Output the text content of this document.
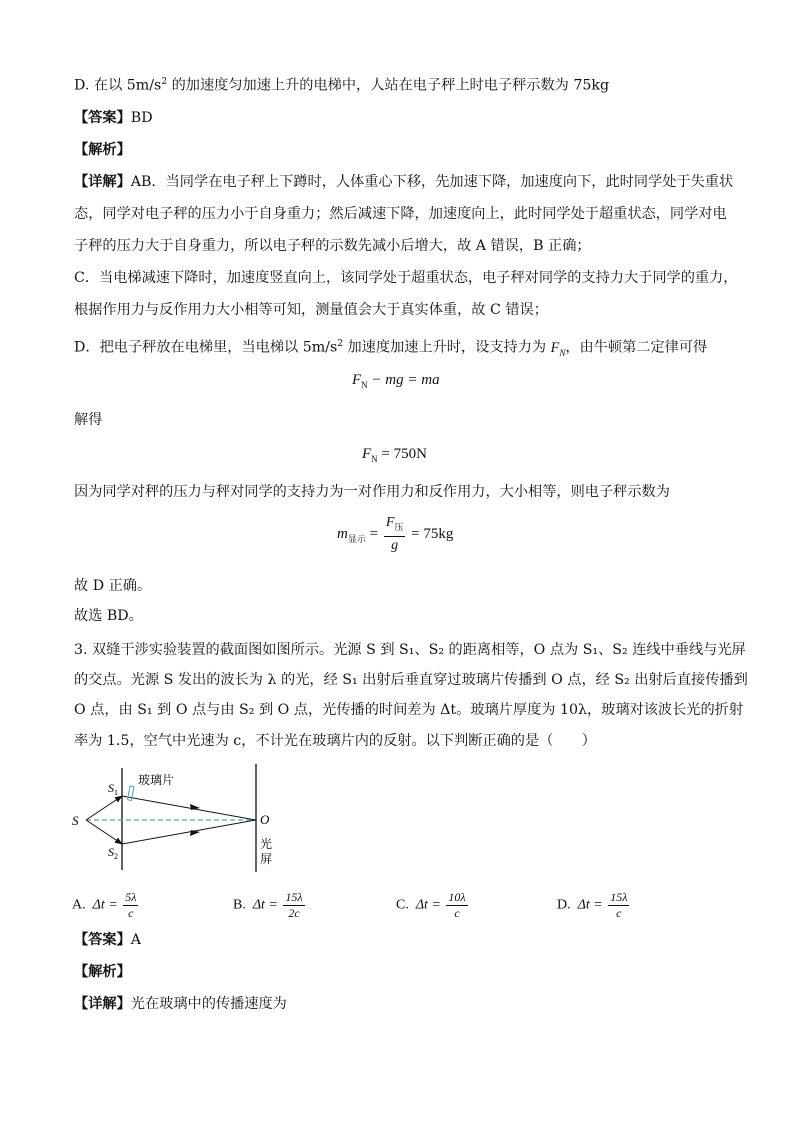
D. 在以 $5m/s^2$ 的加速度匀加速上升的电梯中，人站在电子秤上时电子秤示数为 75kg
【答案】BD
【解析】
【详解】AB．当同学在电子秤上下蹲时，人体重心下移，先加速下降，加速度向下，此时同学处于失重状
态，同学对电子秤的压力小于自身重力；然后减速下降，加速度向上，此时同学处于超重状态，同学对电
子秤的压力大于自身重力，所以电子秤的示数先减小后增大，故 A 错误，B 正确；
C．当电梯减速下降时，加速度竖直向上，该同学处于超重状态，电子秤对同学的支持力大于同学的重力，
根据作用力与反作用力大小相等可知，测量值会大于真实体重，故 C 错误；
D．把电子秤放在电梯里，当电梯以 $5m/s^2$ 加速度加速上升时，设支持力为 $F_N$，由牛顿第二定律可得
$F_N$ − mg = ma
解得
$F_N = 750N$
因为同学对秤的压力与秤对同学的支持力为一对作用力和反作用力，大小相等，则电子秤示数为
$m_{显示} = \frac{F_压}{g} = 75kg$
故 D 正确。
故选 BD。
3. 双缝干涉实验装置的截面图如图所示。光源 S 到 S₁、S₂ 的距离相等，O 点为 S₁、S₂ 连线中垂线与光屏
的交点。光源 S 发出的波长为 λ 的光，经 S₁ 出射后垂直穿过玻璃片传播到 O 点，经 S₂ 出射后直接传播到
O 点，由 S₁ 到 O 点与由 S₂ 到 O 点，光传播的时间差为 Δt。玻璃片厚度为 10λ，玻璃对该波长光的折射
率为 1.5，空气中光速为 c，不计光在玻璃片内的反射。以下判断正确的是（　　）
S
$S_1$
$S_2$
玻璃片
O
光
屏
A. $\Delta t = \frac{5\lambda}{c}$	B. $\Delta t = \frac{15\lambda}{2c}$	C. $\Delta t = \frac{10\lambda}{c}$	D. $\Delta t = \frac{15\lambda}{c}$
【答案】A
【解析】
【详解】光在玻璃中的传播速度为
